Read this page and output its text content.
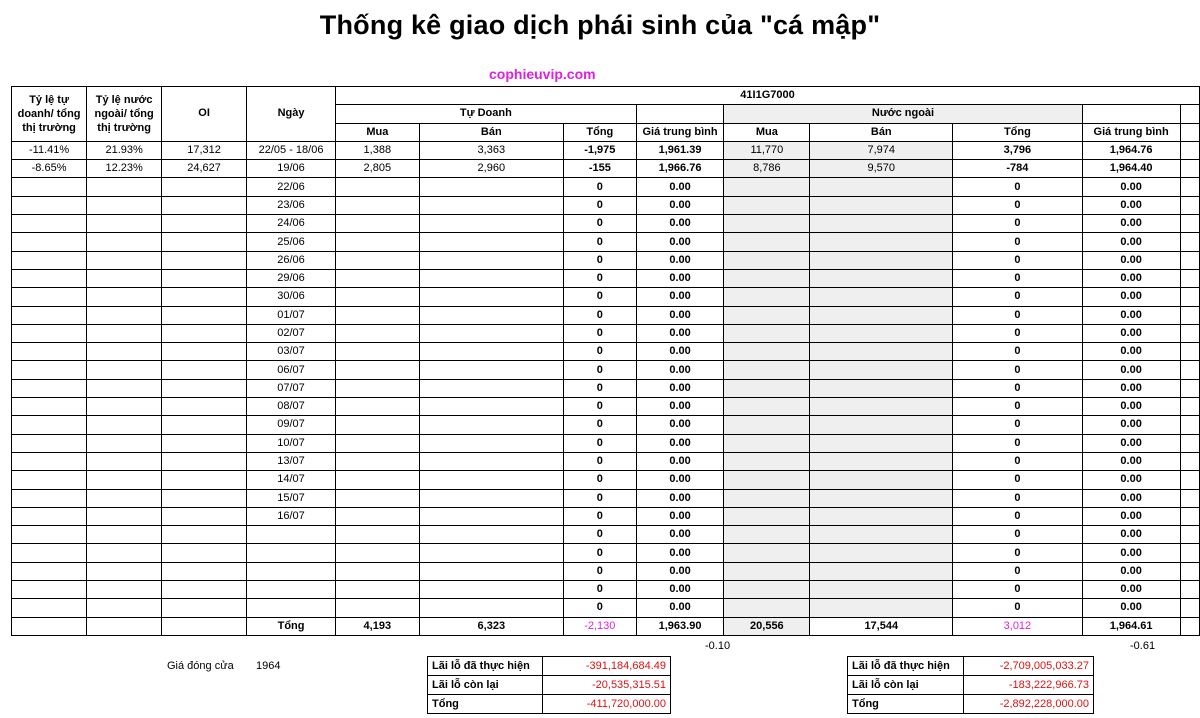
Thống kê giao dịch phái sinh của "cá mập"
cophieuvip.com
Tỷ lệ tự doanh/ tổng thị trường	Tỷ lệ nước ngoài/ tổng thị trường	OI	Ngày	41I1G7000								
				Tự Doanh				Nước ngoài				
				Mua	Bán	Tổng	Giá trung bình	Mua	Bán	Tổng	Giá trung bình	
-11.41%	21.93%	17,312	22/05 - 18/06	1,388	3,363	-1,975	1,961.39	11,770	7,974	3,796	1,964.76	
-8.65%	12.23%	24,627	19/06	2,805	2,960	-155	1,966.76	8,786	9,570	-784	1,964.40	
			22/06			0	0.00			0	0.00	
			23/06			0	0.00			0	0.00	
			24/06			0	0.00			0	0.00	
			25/06			0	0.00			0	0.00	
			26/06			0	0.00			0	0.00	
			29/06			0	0.00			0	0.00	
			30/06			0	0.00			0	0.00	
			01/07			0	0.00			0	0.00	
			02/07			0	0.00			0	0.00	
			03/07			0	0.00			0	0.00	
			06/07			0	0.00			0	0.00	
			07/07			0	0.00			0	0.00	
			08/07			0	0.00			0	0.00	
			09/07			0	0.00			0	0.00	
			10/07			0	0.00			0	0.00	
			13/07			0	0.00			0	0.00	
			14/07			0	0.00			0	0.00	
			15/07			0	0.00			0	0.00	
			16/07			0	0.00			0	0.00	
						0	0.00			0	0.00	
						0	0.00			0	0.00	
						0	0.00			0	0.00	
						0	0.00			0	0.00	
						0	0.00			0	0.00	
			Tổng	4,193	6,323	-2,130	1,963.90	20,556	17,544	3,012	1,964.61	
-0.10	-0.61
Giá đóng cửa 1964	Lãi lỗ đã thực hiện	-391,184,684.49
Lãi lỗ còn lại	-20,535,315.51
Tổng	-411,720,000.00
Lãi lỗ đã thực hiện	-2,709,005,033.27
Lãi lỗ còn lại	-183,222,966.73
Tổng	-2,892,228,000.00
